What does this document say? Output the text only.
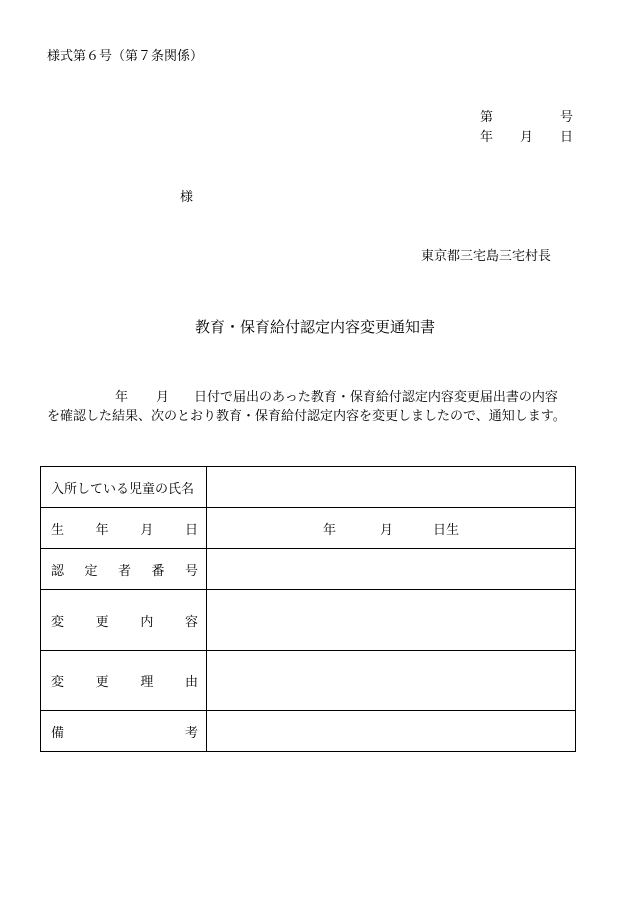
様式第６号（第７条関係）
第	号
年 月 日
様
東京都三宅島三宅村長
教育・保育給付認定内容変更通知書
年 月 日付で届出のあった教育・保育給付認定内容変更届出書の内容
を確認した結果、次のとおり教育・保育給付認定内容を変更しましたので、通知します。
入所している児童の氏名	

生 年 月 日	年 月 日生

認 定 者 番 号	

変 更 内 容	

変 更 理 由	

備 考	
